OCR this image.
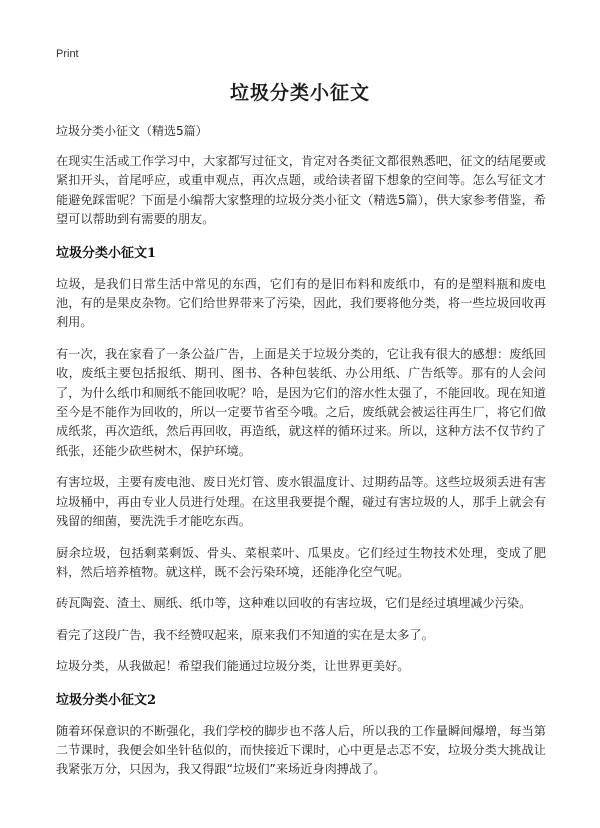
Print
垃圾分类小征文
垃圾分类小征文（精选5篇）

在现实生活或工作学习中，大家都写过征文，肯定对各类征文都很熟悉吧，征文的结尾要或紧扣开头，首尾呼应，或重申观点，再次点题，或给读者留下想象的空间等。怎么写征文才能避免踩雷呢？下面是小编帮大家整理的垃圾分类小征文（精选5篇），供大家参考借鉴，希望可以帮助到有需要的朋友。

垃圾分类小征文1

垃圾，是我们日常生活中常见的东西，它们有的是旧布料和废纸巾，有的是塑料瓶和废电池，有的是果皮杂物。它们给世界带来了污染，因此，我们要将他分类，将一些垃圾回收再利用。

有一次，我在家看了一条公益广告，上面是关于垃圾分类的，它让我有很大的感想：废纸回收，废纸主要包括报纸、期刊、图书、各种包装纸、办公用纸、广告纸等。那有的人会问了，为什么纸巾和厕纸不能回收呢？哈，是因为它们的溶水性太强了，不能回收。现在知道至今是不能作为回收的，所以一定要节省至今哦。之后，废纸就会被运往再生厂，将它们做成纸浆，再次造纸，然后再回收，再造纸，就这样的循环过来。所以，这种方法不仅节约了纸张，还能少砍些树木，保护环境。

有害垃圾，主要有废电池、废日光灯管、废水银温度计、过期药品等。这些垃圾须丢进有害垃圾桶中，再由专业人员进行处理。在这里我要提个醒，碰过有害垃圾的人，那手上就会有残留的细菌，要洗洗手才能吃东西。

厨余垃圾，包括剩菜剩饭、骨头、菜根菜叶、瓜果皮。它们经过生物技术处理，变成了肥料，然后培养植物。就这样，既不会污染环境，还能净化空气呢。

砖瓦陶瓷、渣土、厕纸、纸巾等，这种难以回收的有害垃圾，它们是经过填埋减少污染。

看完了这段广告，我不经赞叹起来，原来我们不知道的实在是太多了。

垃圾分类，从我做起！希望我们能通过垃圾分类，让世界更美好。

垃圾分类小征文2

随着环保意识的不断强化，我们学校的脚步也不落人后，所以我的工作量瞬间爆增，每当第二节课时，我便会如坐针毡似的，而快接近下课时，心中更是忐忑不安，垃圾分类大挑战让我紧张万分，只因为，我又得跟“垃圾们”来场近身肉搏战了。
